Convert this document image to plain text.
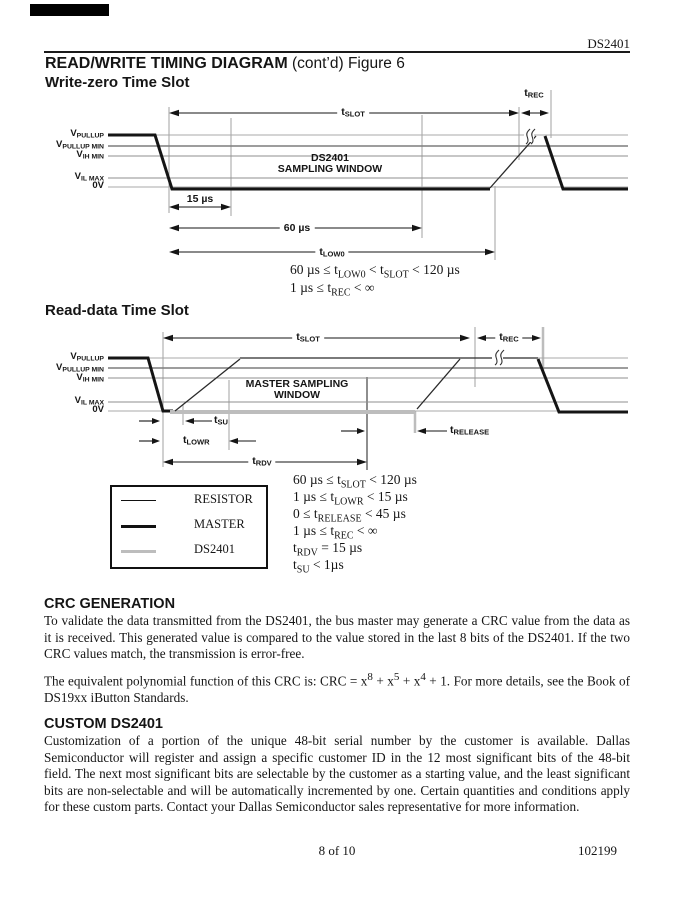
DS2401
READ/WRITE TIMING DIAGRAM (cont’d) Figure 6
Write-zero Time Slot
$V_{PULLUP}$
$V_{PULLUP MIN}$
$V_{IH MIN}$
$V_{IL MAX}$
0V
$t_{REC}$
$t_{SLOT}$
15 µs
60 µs
$t_{LOW0}$
DS2401
SAMPLING WINDOW
60 $\mu s \le t_{LOW0} < t_{SLOT} < 120$ µs
1 $\mu s \le t_{REC}$ < ∞
Read-data Time Slot
$V_{PULLUP}$
$V_{PULLUP MIN}$
$V_{IH MIN}$
$V_{IL MAX}$
0V
$t_{SLOT}$	$t_{REC}$
MASTER SAMPLING
WINDOW
$t_{SU}$
$t_{LOWR}$
$t_{RELEASE}$
$t_{RDV}$
60 $\mu s \le t_{SLOT} < 120$ µs
1 $\mu s \le t_{LOWR} < 15$ µs
$0 \le t_{RELEASE} < 45$ µs
1 $\mu s \le t_{REC}$ < ∞
$t_{RDV} = 15$ µs
$t_{SU} < 1\mu s$
RESISTOR
MASTER
DS2401
CRC GENERATION
To validate the data transmitted from the DS2401, the bus master may generate a CRC value from the data as it is received. This generated value is compared to the value stored in the last 8 bits of the DS2401. If the two CRC values match, the transmission is error-free.
The equivalent polynomial function of this CRC is: CRC = $x^8 + x^5 + x^4 + 1$. For more details, see the Book of DS19xx iButton Standards.
CUSTOM DS2401
Customization of a portion of the unique 48-bit serial number by the customer is available. Dallas Semiconductor will register and assign a specific customer ID in the 12 most significant bits of the 48-bit field. The next most significant bits are selectable by the customer as a starting value, and the least significant bits are non-selectable and will be automatically incremented by one. Certain quantities and conditions apply for these custom parts. Contact your Dallas Semiconductor sales representative for more information.
8 of 10	102199
